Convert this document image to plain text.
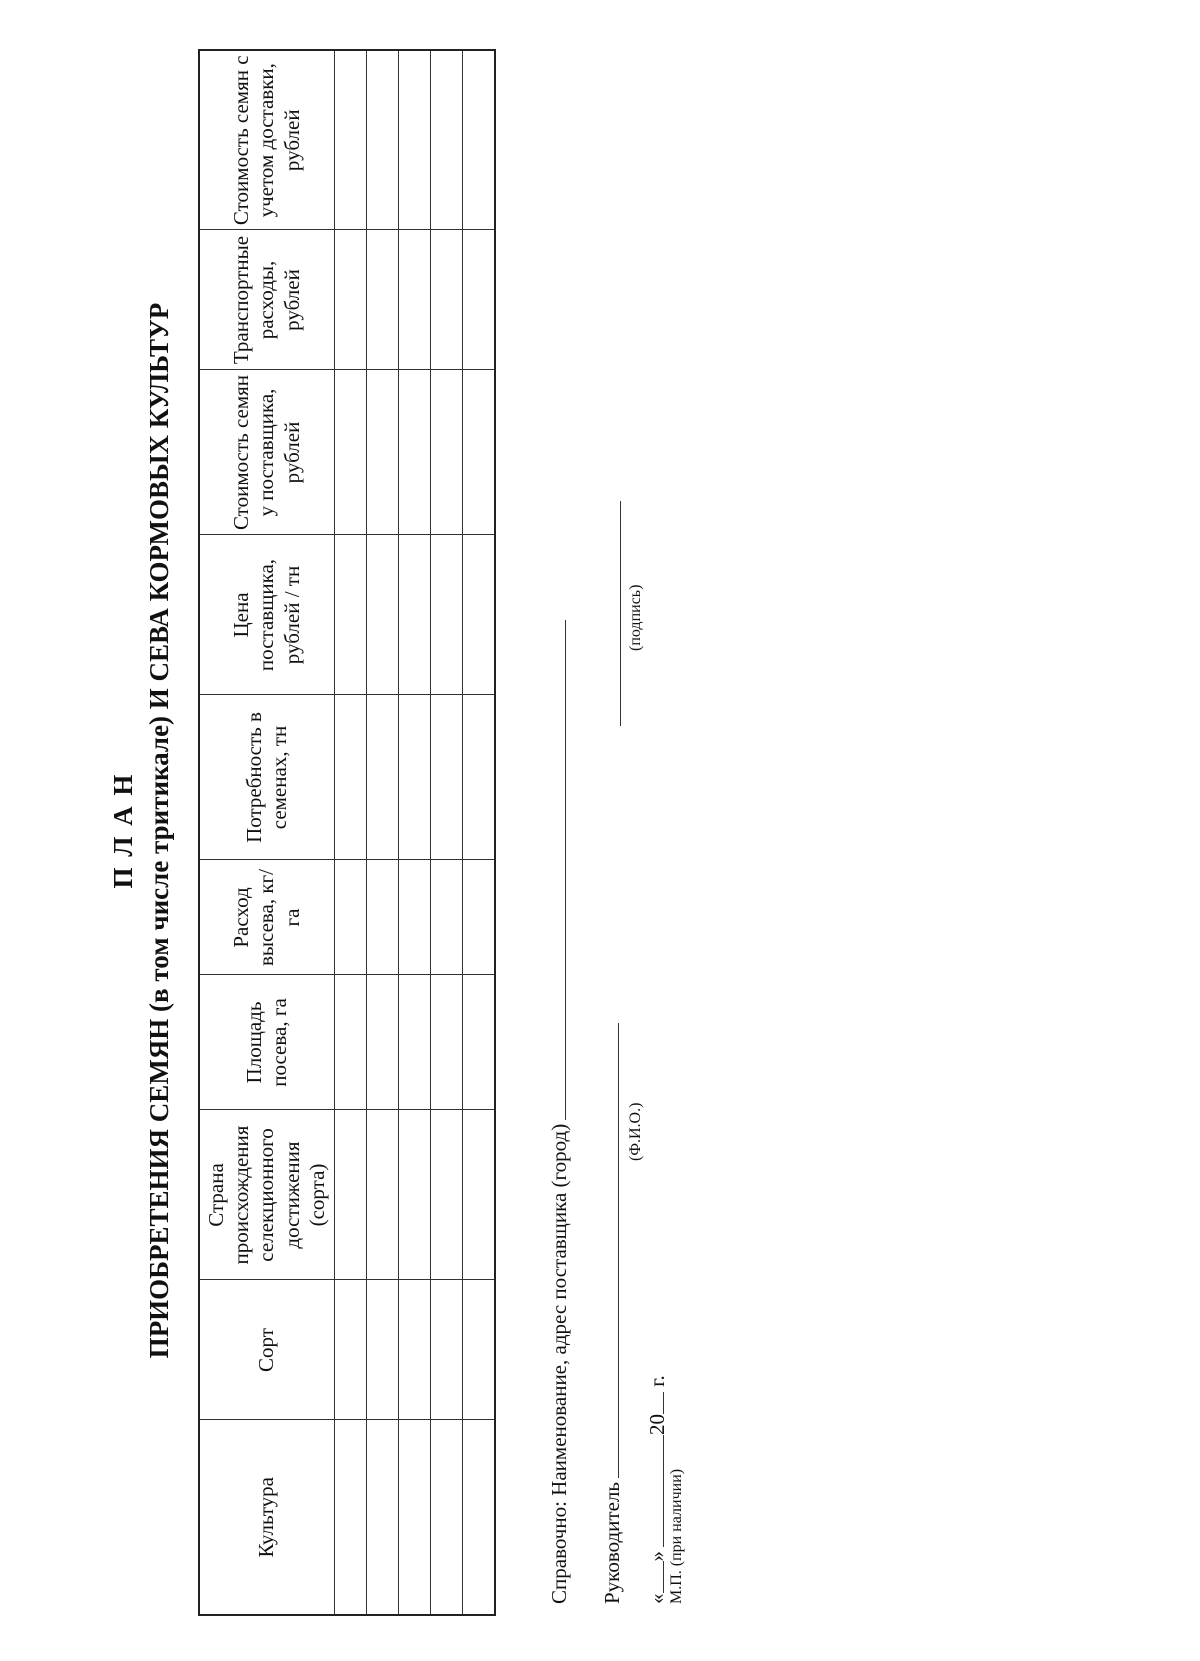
П Л А Н ПРИОБРЕТЕНИЯ СЕМЯН (в том числе тритикале) И СЕВА КОРМОВЫХ КУЛЬТУР
Культура	Сорт	Страна происхождения селекционного достижения (сорта)	Площадь посева, га	Расход высева, кг/га	Потребность в семенах, тн	Цена поставщика, рублей / тн	Стоимость семян у поставщика, рублей	Транспортные расходы, рублей	Стоимость семян с учетом доставки, рублей

Справочно: Наименование, адрес поставщика (город) Руководитель
(Ф.И.О.)
(подпись)
«»20 г.
М.П. (при наличии)
